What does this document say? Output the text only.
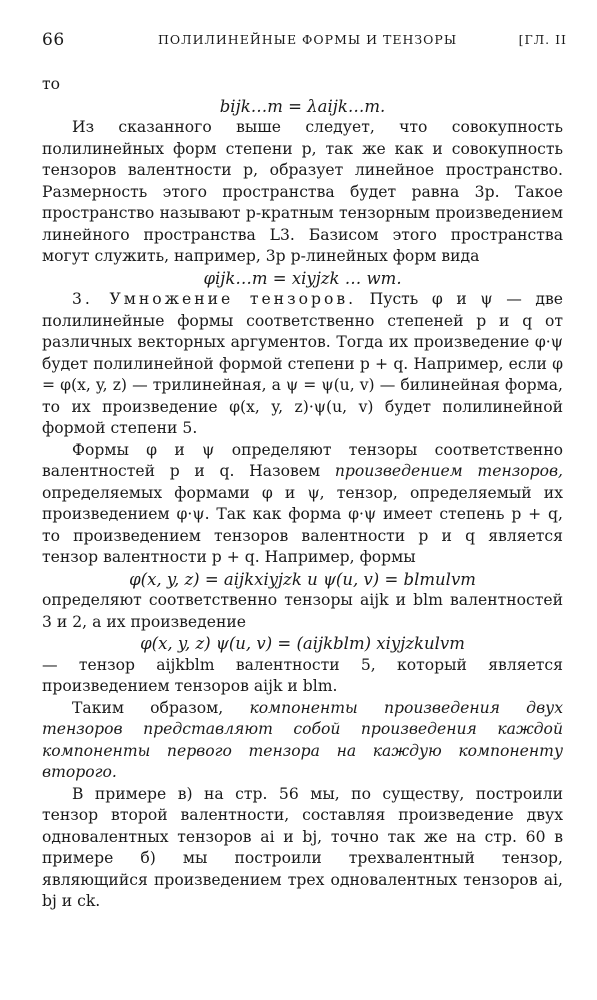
66	ПОЛИЛИНЕЙНЫЕ ФОРМЫ И ТЕНЗОРЫ	[ГЛ. II

то

bijk…m = λaijk…m.

Из сказанного выше следует, что совокупность полилинейных форм степени p, так же как и совокупность тензоров валентности p, образует линейное пространство. Размерность этого пространства будет равна 3p. Такое пространство называют p-кратным тензорным произведением линейного пространства L3. Базисом этого пространства могут служить, например, 3p p-линейных форм вида

φijk…m = xiyjzk … wm.

3. Умножение тензоров. Пусть φ и ψ — две полилинейные формы соответственно степеней p и q от различных векторных аргументов. Тогда их произведение φ·ψ будет полилинейной формой степени p + q. Например, если φ = φ(x, y, z) — трилинейная, а ψ = ψ(u, v) — билинейная форма, то их произведение φ(x, y, z)·ψ(u, v) будет полилинейной формой степени 5.

Формы φ и ψ определяют тензоры соответственно валентностей p и q. Назовем произведением тензоров, определяемых формами φ и ψ, тензор, определяемый их произведением φ·ψ. Так как форма φ·ψ имеет степень p + q, то произведением тензоров валентности p и q является тензор валентности p + q. Например, формы

φ(x, y, z) = aijkxiyjzk и ψ(u, v) = blmulvm

определяют соответственно тензоры aijk и blm валентностей 3 и 2, а их произведение

φ(x, y, z) ψ(u, v) = (aijkblm) xiyjzkulvm

— тензор aijkblm валентности 5, который является произведением тензоров aijk и blm.

Таким образом, компоненты произведения двух тензоров представляют собой произведения каждой компоненты первого тензора на каждую компоненту второго.

В примере в) на стр. 56 мы, по существу, построили тензор второй валентности, составляя произведение двух одновалентных тензоров ai и bj, точно так же на стр. 60 в примере б) мы построили трехвалентный тензор, являющийся произведением трех одновалентных тензоров ai, bj и ck.
